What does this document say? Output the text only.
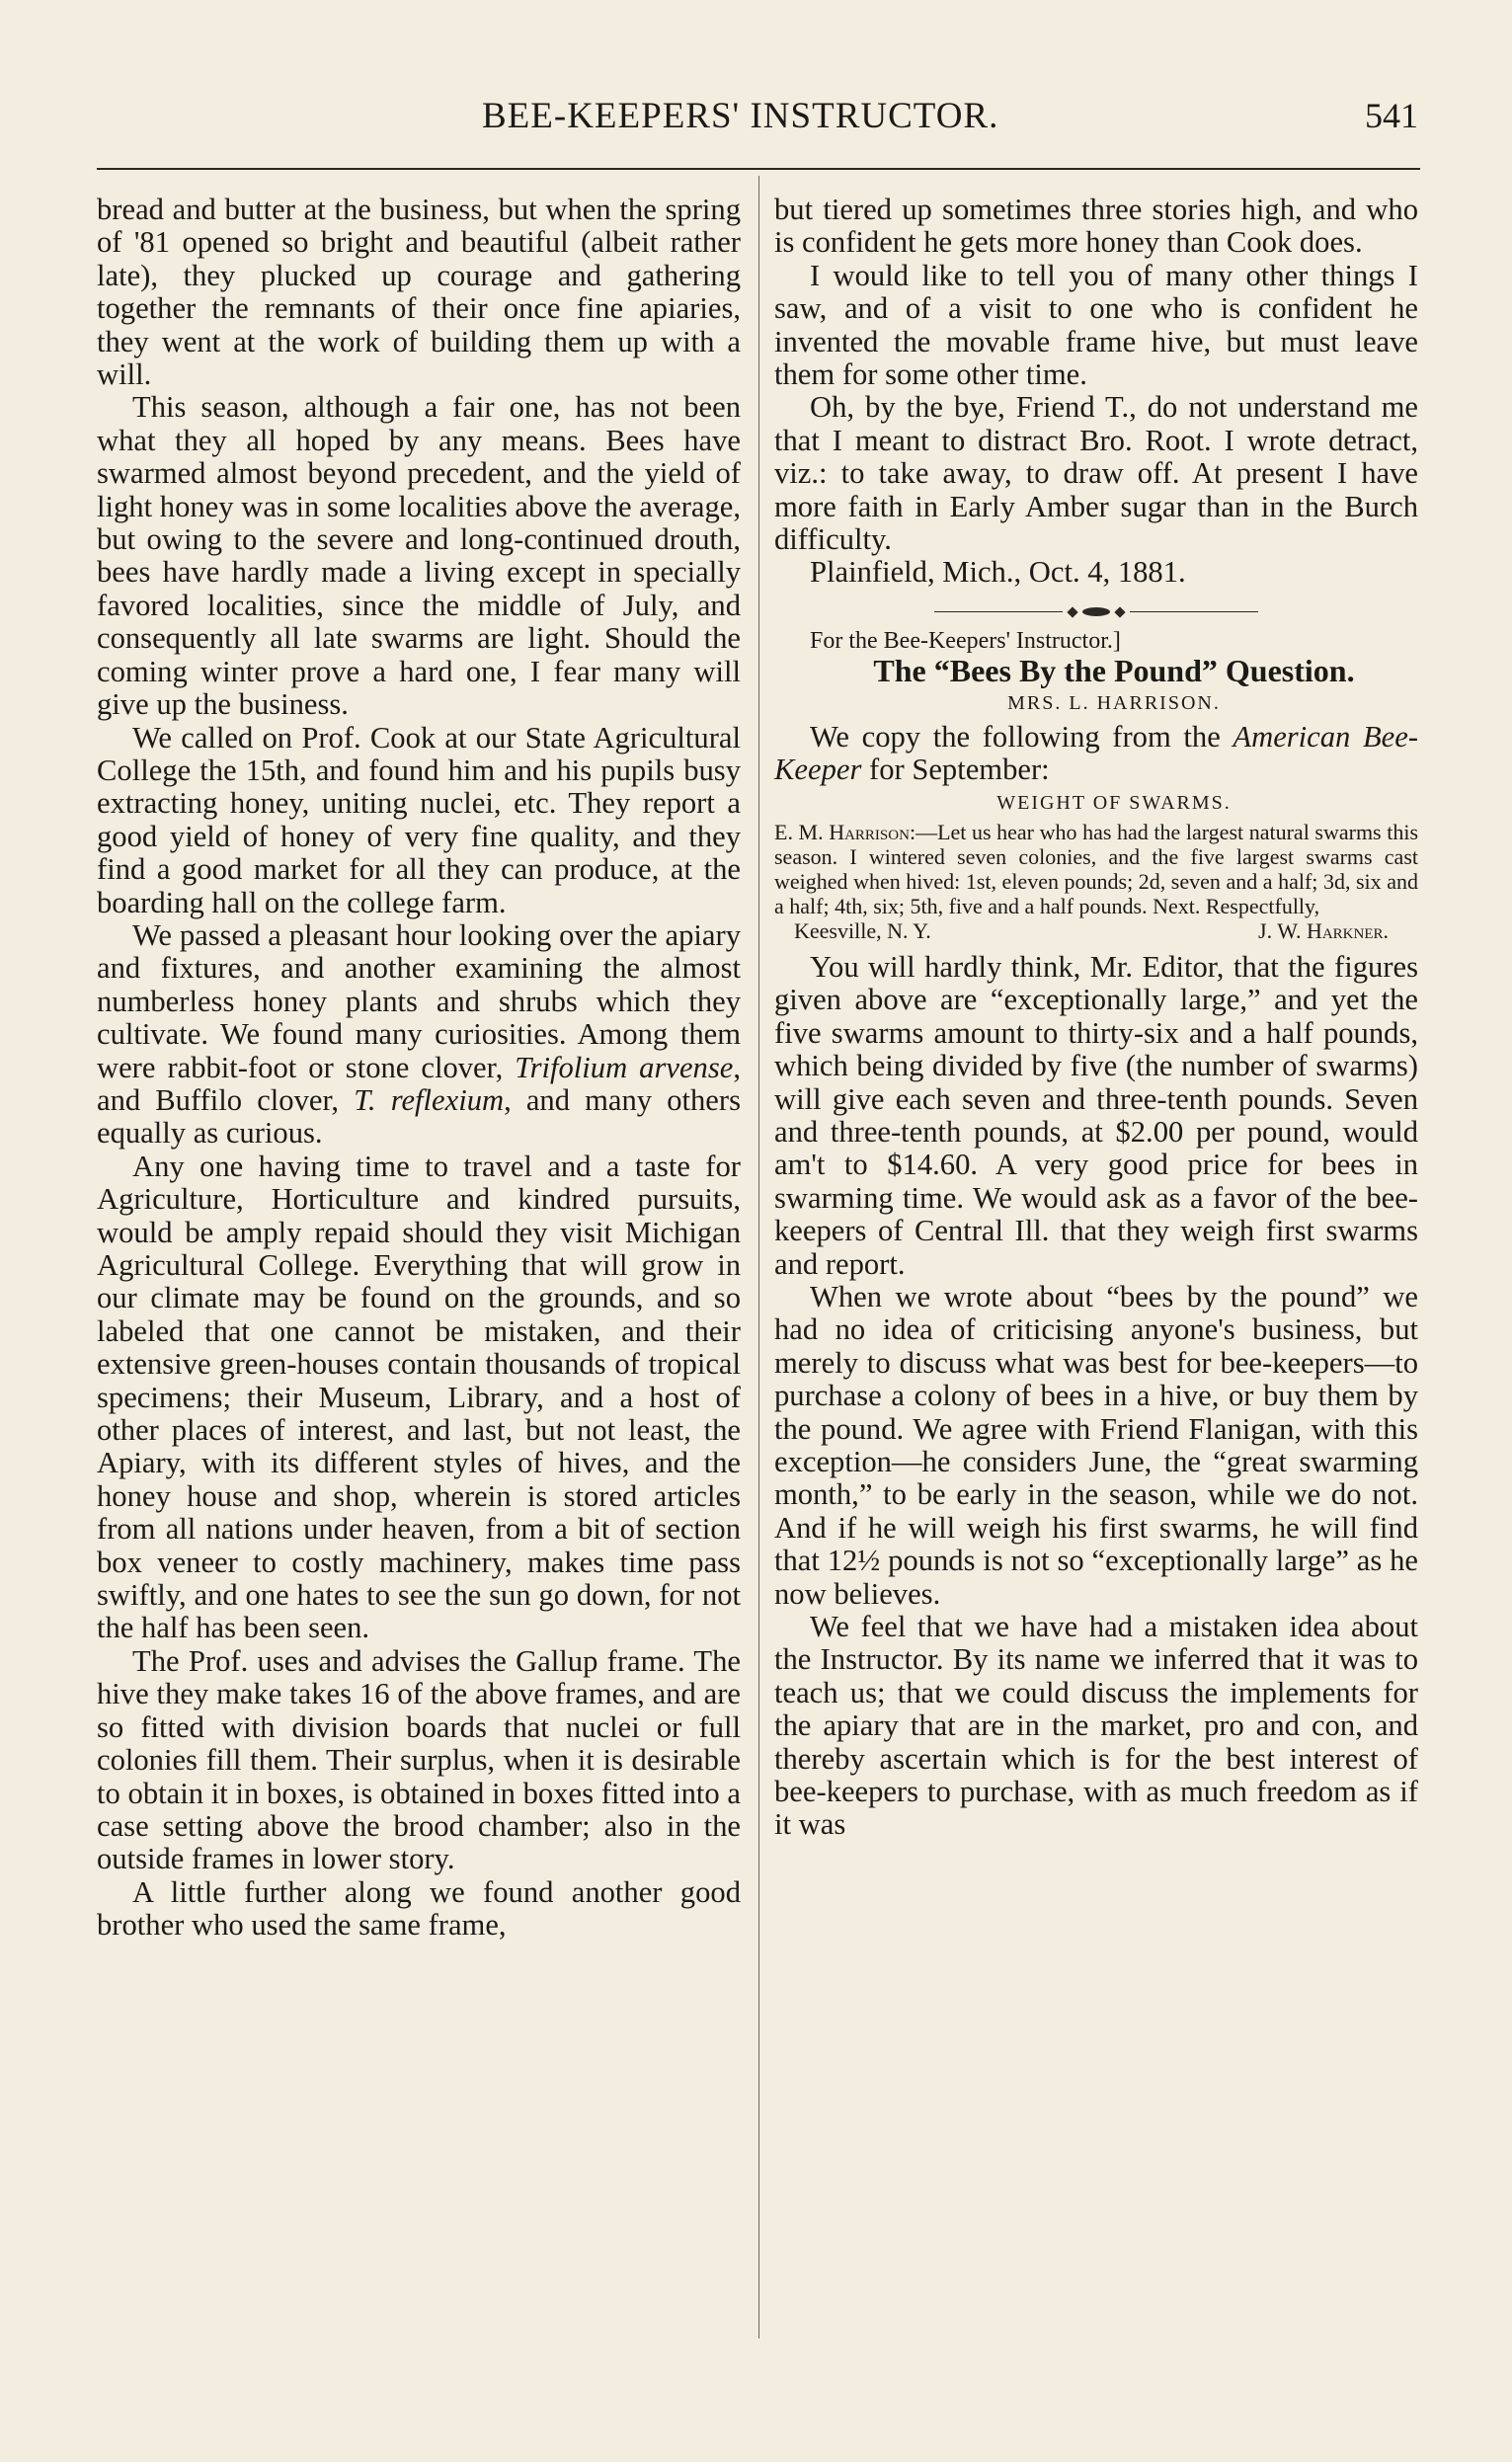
BEE-KEEPERS' INSTRUCTOR.	541

bread and butter at the business, but when the spring of '81 opened so bright and beautiful (albeit rather late), they plucked up courage and gathering together the remnants of their once fine apiaries, they went at the work of building them up with a will.

This season, although a fair one, has not been what they all hoped by any means. Bees have swarmed almost beyond precedent, and the yield of light honey was in some localities above the average, but owing to the severe and long-continued drouth, bees have hardly made a living except in specially favored localities, since the middle of July, and consequently all late swarms are light. Should the coming winter prove a hard one, I fear many will give up the business.

We called on Prof. Cook at our State Agricultural College the 15th, and found him and his pupils busy extracting honey, uniting nuclei, etc. They report a good yield of honey of very fine quality, and they find a good market for all they can produce, at the boarding hall on the college farm.

We passed a pleasant hour looking over the apiary and fixtures, and another examining the almost numberless honey plants and shrubs which they cultivate. We found many curiosities. Among them were rabbit-foot or stone clover, Trifolium arvense, and Buffilo clover, T. reflexium, and many others equally as curious.

Any one having time to travel and a taste for Agriculture, Horticulture and kindred pursuits, would be amply repaid should they visit Michigan Agricultural College. Everything that will grow in our climate may be found on the grounds, and so labeled that one cannot be mistaken, and their extensive green-houses contain thousands of tropical specimens; their Museum, Library, and a host of other places of interest, and last, but not least, the Apiary, with its different styles of hives, and the honey house and shop, wherein is stored articles from all nations under heaven, from a bit of section box veneer to costly machinery, makes time pass swiftly, and one hates to see the sun go down, for not the half has been seen.

The Prof. uses and advises the Gallup frame. The hive they make takes 16 of the above frames, and are so fitted with division boards that nuclei or full colonies fill them. Their surplus, when it is desirable to obtain it in boxes, is obtained in boxes fitted into a case setting above the brood chamber; also in the outside frames in lower story.

A little further along we found another good brother who used the same frame,

but tiered up sometimes three stories high, and who is confident he gets more honey than Cook does.

I would like to tell you of many other things I saw, and of a visit to one who is confident he invented the movable frame hive, but must leave them for some other time.

Oh, by the bye, Friend T., do not understand me that I meant to distract Bro. Root. I wrote detract, viz.: to take away, to draw off. At present I have more faith in Early Amber sugar than in the Burch difficulty.

Plainfield, Mich., Oct. 4, 1881.

For the Bee-Keepers' Instructor.]

The “Bees By the Pound” Question.

MRS. L. HARRISON.

We copy the following from the American Bee-Keeper for September:

WEIGHT OF SWARMS.

E. M. Harrison:—Let us hear who has had the largest natural swarms this season. I wintered seven colonies, and the five largest swarms cast weighed when hived: 1st, eleven pounds; 2d, seven and a half; 3d, six and a half; 4th, six; 5th, five and a half pounds. Next. Respectfully,

Keesville, N. Y.	J. W. Harkner.

You will hardly think, Mr. Editor, that the figures given above are “exceptionally large,” and yet the five swarms amount to thirty-six and a half pounds, which being divided by five (the number of swarms) will give each seven and three-tenth pounds. Seven and three-tenth pounds, at $2.00 per pound, would am't to $14.60. A very good price for bees in swarming time. We would ask as a favor of the bee-keepers of Central Ill. that they weigh first swarms and report.

When we wrote about “bees by the pound” we had no idea of criticising anyone's business, but merely to discuss what was best for bee-keepers—to purchase a colony of bees in a hive, or buy them by the pound. We agree with Friend Flanigan, with this exception—he considers June, the “great swarming month,” to be early in the season, while we do not. And if he will weigh his first swarms, he will find that 12½ pounds is not so “exceptionally large” as he now believes.

We feel that we have had a mistaken idea about the Instructor. By its name we inferred that it was to teach us; that we could discuss the implements for the apiary that are in the market, pro and con, and thereby ascertain which is for the best interest of bee-keepers to purchase, with as much freedom as if it was
